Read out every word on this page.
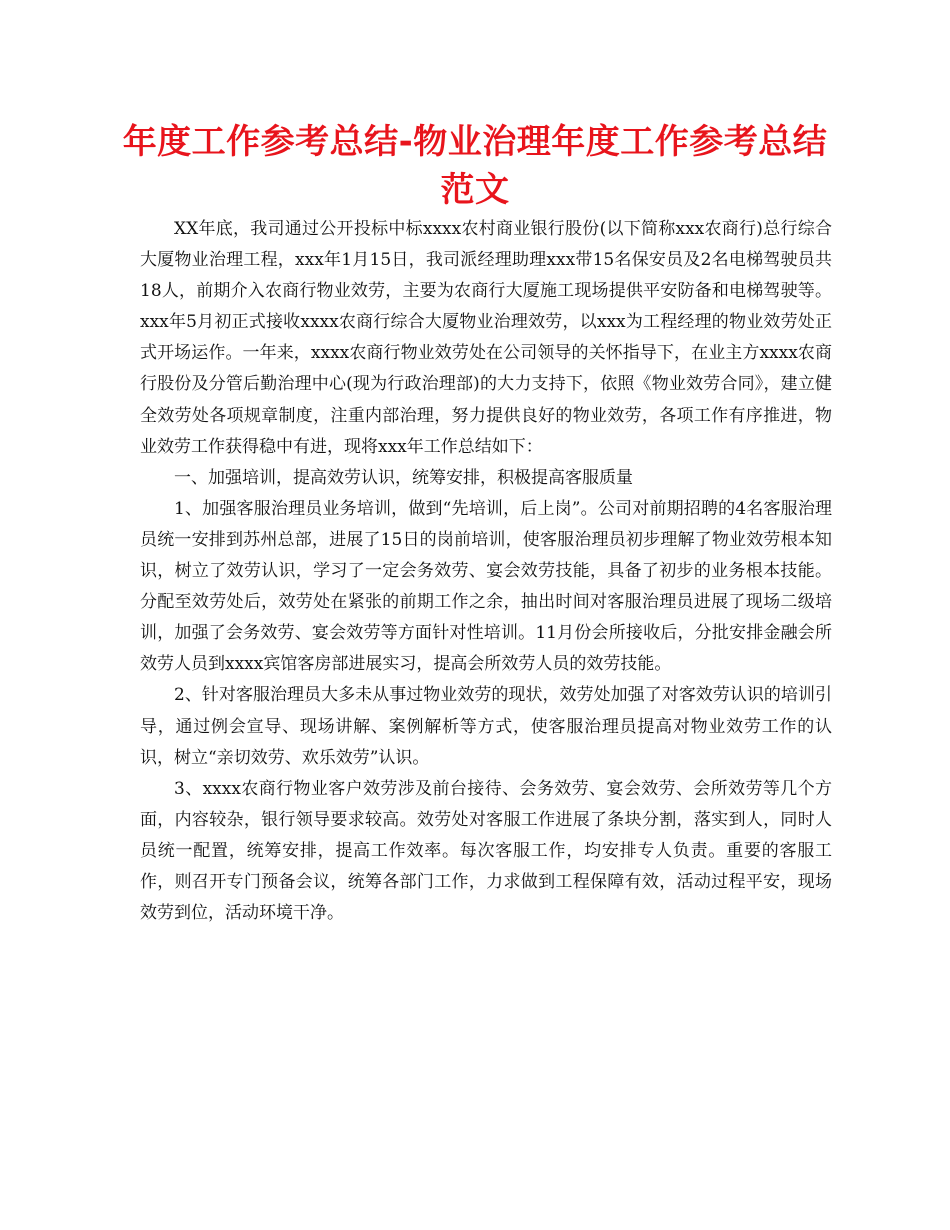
年度工作参考总结-物业治理年度工作参考总结范文

XX年底，我司通过公开投标中标xxxx农村商业银行股份(以下简称xxx农商行)总行综合大厦物业治理工程，xxx年1月15日，我司派经理助理xxx带15名保安员及2名电梯驾驶员共18人，前期介入农商行物业效劳，主要为农商行大厦施工现场提供平安防备和电梯驾驶等。xxx年5月初正式接收xxxx农商行综合大厦物业治理效劳，以xxx为工程经理的物业效劳处正式开场运作。一年来，xxxx农商行物业效劳处在公司领导的关怀指导下，在业主方xxxx农商行股份及分管后勤治理中心(现为行政治理部)的大力支持下，依照《物业效劳合同》，建立健全效劳处各项规章制度，注重内部治理，努力提供良好的物业效劳，各项工作有序推进，物业效劳工作获得稳中有进，现将xxx年工作总结如下：

一、加强培训，提高效劳认识，统筹安排，积极提高客服质量

1、加强客服治理员业务培训，做到“先培训，后上岗”。公司对前期招聘的4名客服治理员统一安排到苏州总部，进展了15日的岗前培训，使客服治理员初步理解了物业效劳根本知识，树立了效劳认识，学习了一定会务效劳、宴会效劳技能，具备了初步的业务根本技能。分配至效劳处后，效劳处在紧张的前期工作之余，抽出时间对客服治理员进展了现场二级培训，加强了会务效劳、宴会效劳等方面针对性培训。11月份会所接收后，分批安排金融会所效劳人员到xxxx宾馆客房部进展实习，提高会所效劳人员的效劳技能。

2、针对客服治理员大多未从事过物业效劳的现状，效劳处加强了对客效劳认识的培训引导，通过例会宣导、现场讲解、案例解析等方式，使客服治理员提高对物业效劳工作的认识，树立“亲切效劳、欢乐效劳”认识。

3、xxxx农商行物业客户效劳涉及前台接待、会务效劳、宴会效劳、会所效劳等几个方面，内容较杂，银行领导要求较高。效劳处对客服工作进展了条块分割，落实到人，同时人员统一配置，统筹安排，提高工作效率。每次客服工作，均安排专人负责。重要的客服工作，则召开专门预备会议，统筹各部门工作，力求做到工程保障有效，活动过程平安，现场效劳到位，活动环境干净。
